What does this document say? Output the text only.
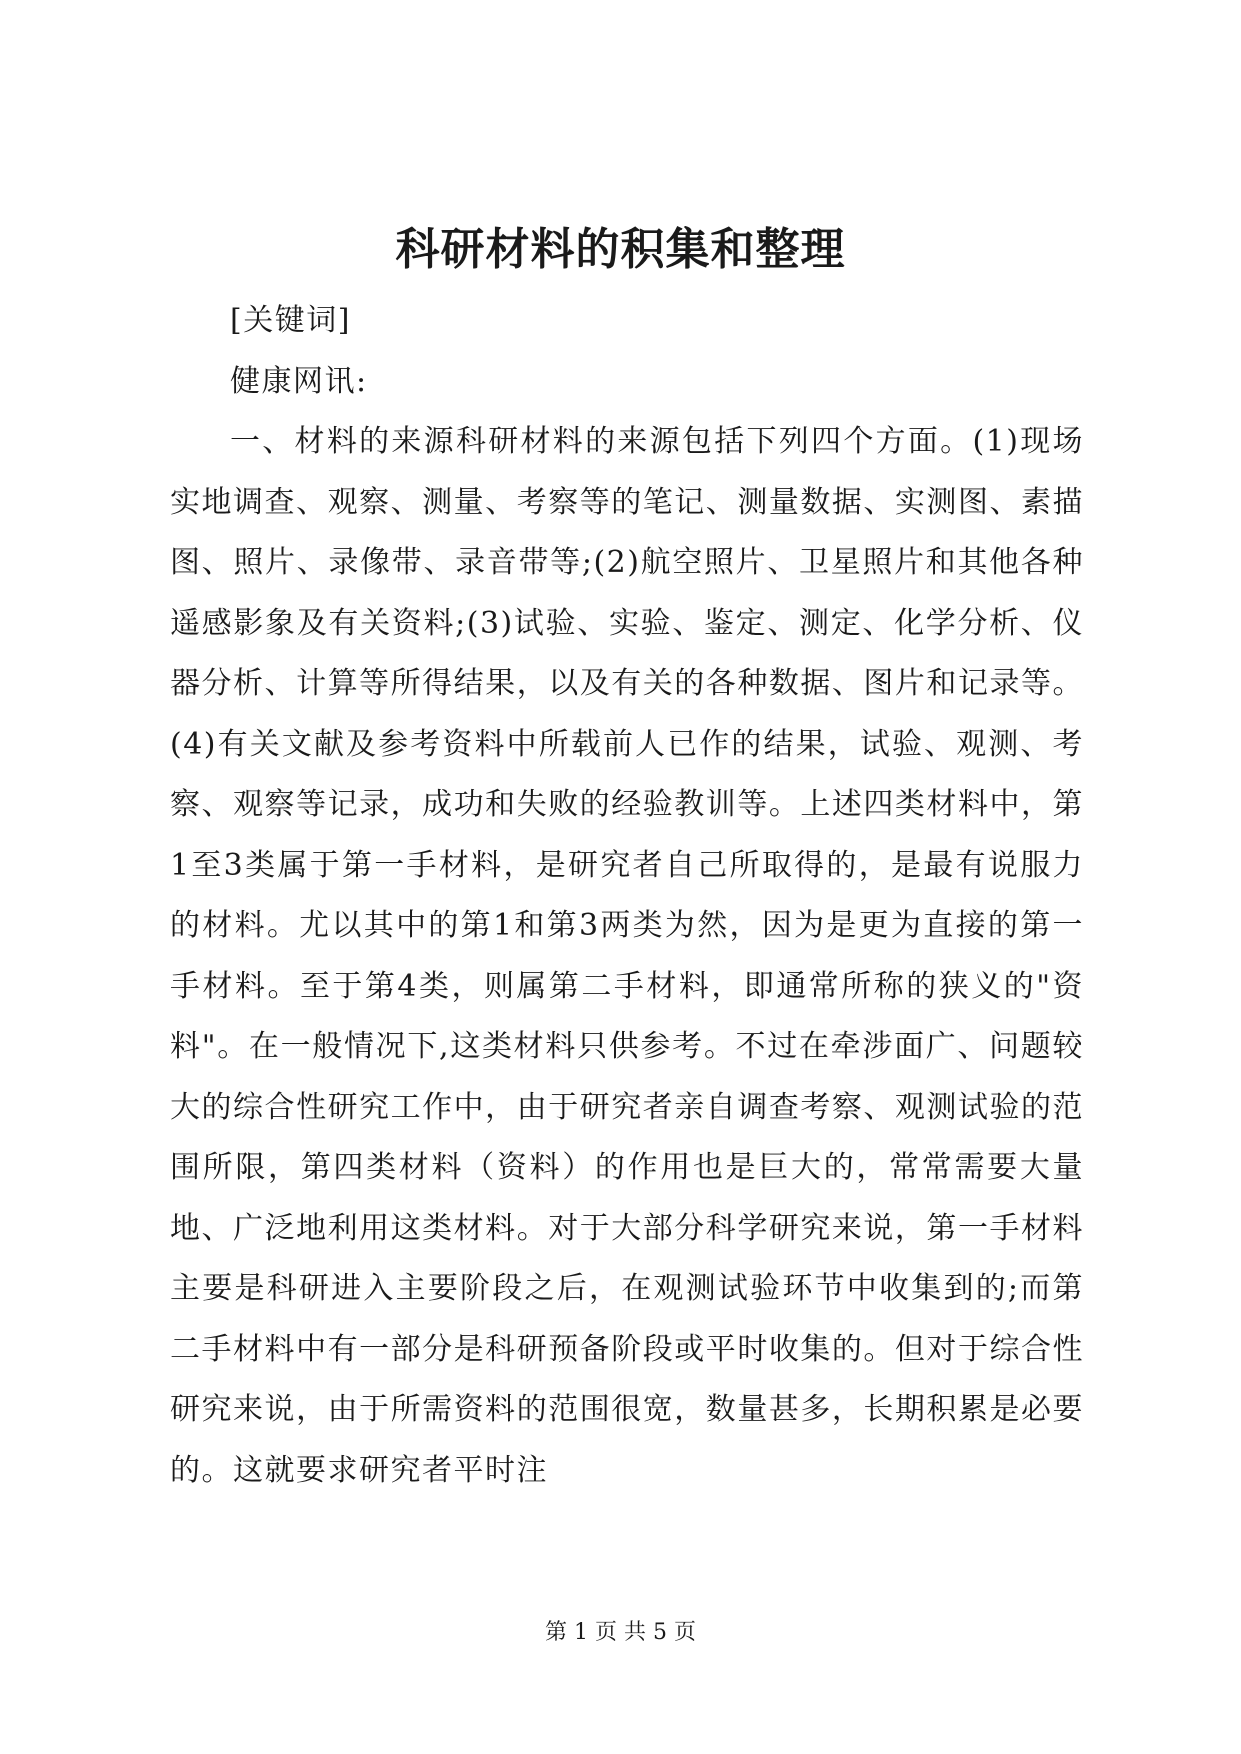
科研材料的积集和整理

[关键词]

健康网讯:

一、材料的来源科研材料的来源包括下列四个方面。(1)现场实地调查、观察、测量、考察等的笔记、测量数据、实测图、素描图、照片、录像带、录音带等;(2)航空照片、卫星照片和其他各种遥感影象及有关资料;(3)试验、实验、鉴定、测定、化学分析、仪器分析、计算等所得结果，以及有关的各种数据、图片和记录等。(4)有关文献及参考资料中所载前人已作的结果，试验、观测、考察、观察等记录，成功和失败的经验教训等。上述四类材料中，第1至3类属于第一手材料，是研究者自己所取得的，是最有说服力的材料。尤以其中的第1和第3两类为然，因为是更为直接的第一手材料。至于第4类，则属第二手材料，即通常所称的狭义的"资料"。在一般情况下,这类材料只供参考。不过在牵涉面广、问题较大的综合性研究工作中，由于研究者亲自调查考察、观测试验的范围所限，第四类材料（资料）的作用也是巨大的，常常需要大量地、广泛地利用这类材料。对于大部分科学研究来说，第一手材料主要是科研进入主要阶段之后，在观测试验环节中收集到的;而第二手材料中有一部分是科研预备阶段或平时收集的。但对于综合性研究来说，由于所需资料的范围很宽，数量甚多，长期积累是必要的。这就要求研究者平时注

第 1 页 共 5 页
